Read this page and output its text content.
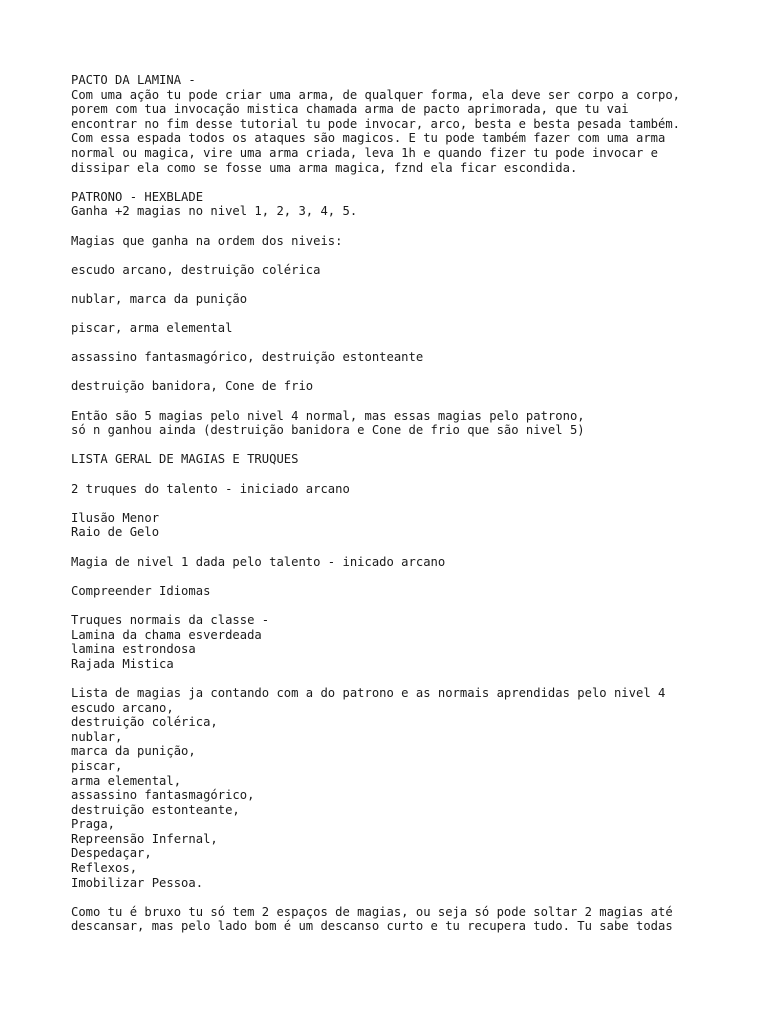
PACTO DA LAMINA -
Com uma ação tu pode criar uma arma, de qualquer forma, ela deve ser corpo a corpo,
porem com tua invocação mistica chamada arma de pacto aprimorada, que tu vai
encontrar no fim desse tutorial tu pode invocar, arco, besta e besta pesada também.
Com essa espada todos os ataques são magicos. E tu pode também fazer com uma arma
normal ou magica, vire uma arma criada, leva 1h e quando fizer tu pode invocar e
dissipar ela como se fosse uma arma magica, fznd ela ficar escondida.
PATRONO - HEXBLADE
Ganha +2 magias no nivel 1, 2, 3, 4, 5.
Magias que ganha na ordem dos niveis:
escudo arcano, destruição colérica
nublar, marca da punição
piscar, arma elemental
assassino fantasmagórico, destruição estonteante
destruição banidora, Cone de frio
Então são 5 magias pelo nivel 4 normal, mas essas magias pelo patrono,
só n ganhou ainda (destruição banidora e Cone de frio que são nivel 5)
LISTA GERAL DE MAGIAS E TRUQUES
2 truques do talento - iniciado arcano
Ilusão Menor
Raio de Gelo
Magia de nivel 1 dada pelo talento - inicado arcano
Compreender Idiomas
Truques normais da classe -
Lamina da chama esverdeada
lamina estrondosa
Rajada Mistica
Lista de magias ja contando com a do patrono e as normais aprendidas pelo nivel 4
escudo arcano,
destruição colérica,
nublar,
marca da punição,
piscar,
arma elemental,
assassino fantasmagórico,
destruição estonteante,
Praga,
Repreensão Infernal,
Despedaçar,
Reflexos,
Imobilizar Pessoa.
Como tu é bruxo tu só tem 2 espaços de magias, ou seja só pode soltar 2 magias até
descansar, mas pelo lado bom é um descanso curto e tu recupera tudo. Tu sabe todas
